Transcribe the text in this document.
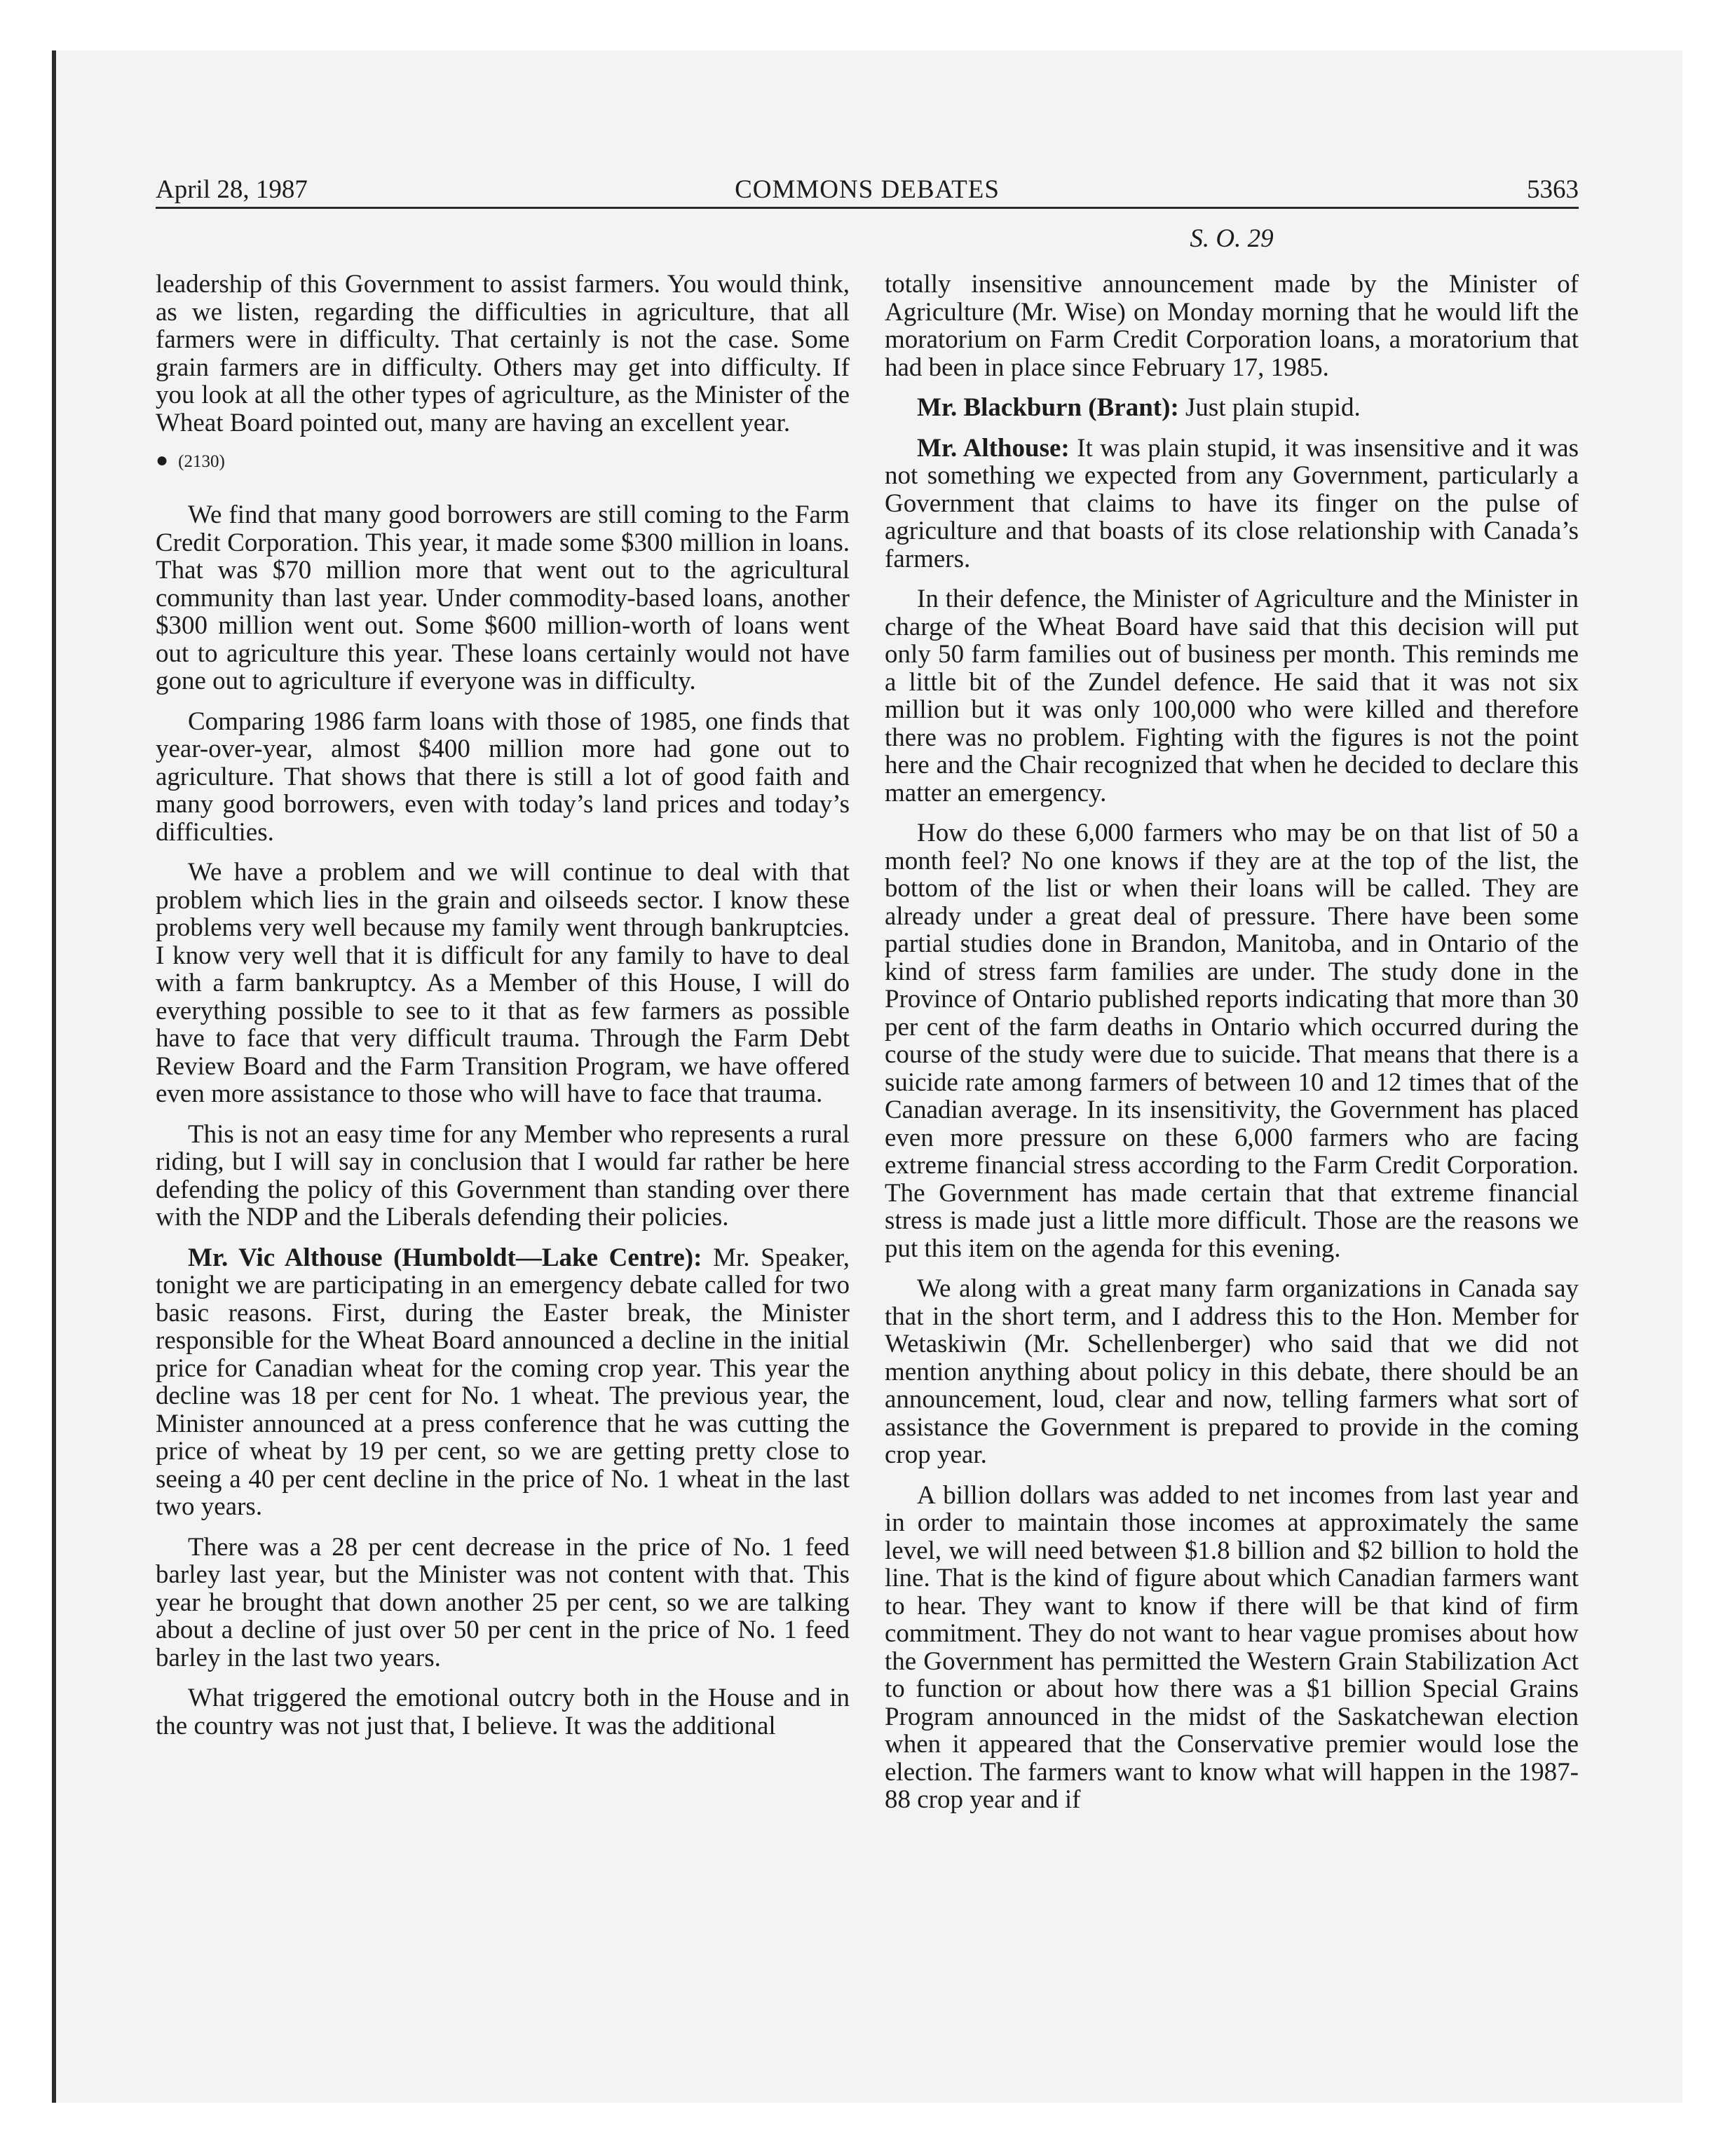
April 28, 1987	COMMONS DEBATES	5363
S. O. 29

leadership of this Government to assist farmers. You would think, as we listen, regarding the difficulties in agriculture, that all farmers were in difficulty. That certainly is not the case. Some grain farmers are in difficulty. Others may get into difficulty. If you look at all the other types of agriculture, as the Minister of the Wheat Board pointed out, many are having an excellent year.

● (2130)

We find that many good borrowers are still coming to the Farm Credit Corporation. This year, it made some $300 million in loans. That was $70 million more that went out to the agricultural community than last year. Under commodity-based loans, another $300 million went out. Some $600 million-worth of loans went out to agriculture this year. These loans certainly would not have gone out to agriculture if everyone was in difficulty.

Comparing 1986 farm loans with those of 1985, one finds that year-over-year, almost $400 million more had gone out to agriculture. That shows that there is still a lot of good faith and many good borrowers, even with today’s land prices and today’s difficulties.

We have a problem and we will continue to deal with that problem which lies in the grain and oilseeds sector. I know these problems very well because my family went through bankruptcies. I know very well that it is difficult for any family to have to deal with a farm bankruptcy. As a Member of this House, I will do everything possible to see to it that as few farmers as possible have to face that very difficult trauma. Through the Farm Debt Review Board and the Farm Transition Program, we have offered even more assistance to those who will have to face that trauma.

This is not an easy time for any Member who represents a rural riding, but I will say in conclusion that I would far rather be here defending the policy of this Government than standing over there with the NDP and the Liberals defending their policies.

Mr. Vic Althouse (Humboldt—Lake Centre): Mr. Speaker, tonight we are participating in an emergency debate called for two basic reasons. First, during the Easter break, the Minister responsible for the Wheat Board announced a decline in the initial price for Canadian wheat for the coming crop year. This year the decline was 18 per cent for No. 1 wheat. The previous year, the Minister announced at a press conference that he was cutting the price of wheat by 19 per cent, so we are getting pretty close to seeing a 40 per cent decline in the price of No. 1 wheat in the last two years.

There was a 28 per cent decrease in the price of No. 1 feed barley last year, but the Minister was not content with that. This year he brought that down another 25 per cent, so we are talking about a decline of just over 50 per cent in the price of No. 1 feed barley in the last two years.

What triggered the emotional outcry both in the House and in the country was not just that, I believe. It was the additional

totally insensitive announcement made by the Minister of Agriculture (Mr. Wise) on Monday morning that he would lift the moratorium on Farm Credit Corporation loans, a moratorium that had been in place since February 17, 1985.

Mr. Blackburn (Brant): Just plain stupid.

Mr. Althouse: It was plain stupid, it was insensitive and it was not something we expected from any Government, particularly a Government that claims to have its finger on the pulse of agriculture and that boasts of its close relationship with Canada’s farmers.

In their defence, the Minister of Agriculture and the Minister in charge of the Wheat Board have said that this decision will put only 50 farm families out of business per month. This reminds me a little bit of the Zundel defence. He said that it was not six million but it was only 100,000 who were killed and therefore there was no problem. Fighting with the figures is not the point here and the Chair recognized that when he decided to declare this matter an emergency.

How do these 6,000 farmers who may be on that list of 50 a month feel? No one knows if they are at the top of the list, the bottom of the list or when their loans will be called. They are already under a great deal of pressure. There have been some partial studies done in Brandon, Manitoba, and in Ontario of the kind of stress farm families are under. The study done in the Province of Ontario published reports indicating that more than 30 per cent of the farm deaths in Ontario which occurred during the course of the study were due to suicide. That means that there is a suicide rate among farmers of between 10 and 12 times that of the Canadian average. In its insensitivity, the Government has placed even more pressure on these 6,000 farmers who are facing extreme financial stress according to the Farm Credit Corporation. The Government has made certain that that extreme financial stress is made just a little more difficult. Those are the reasons we put this item on the agenda for this evening.

We along with a great many farm organizations in Canada say that in the short term, and I address this to the Hon. Member for Wetaskiwin (Mr. Schellenberger) who said that we did not mention anything about policy in this debate, there should be an announcement, loud, clear and now, telling farmers what sort of assistance the Government is prepared to provide in the coming crop year.

A billion dollars was added to net incomes from last year and in order to maintain those incomes at approximately the same level, we will need between $1.8 billion and $2 billion to hold the line. That is the kind of figure about which Canadian farmers want to hear. They want to know if there will be that kind of firm commitment. They do not want to hear vague promises about how the Government has permitted the Western Grain Stabilization Act to function or about how there was a $1 billion Special Grains Program announced in the midst of the Saskatchewan election when it appeared that the Conservative premier would lose the election. The farmers want to know what will happen in the 1987-88 crop year and if
